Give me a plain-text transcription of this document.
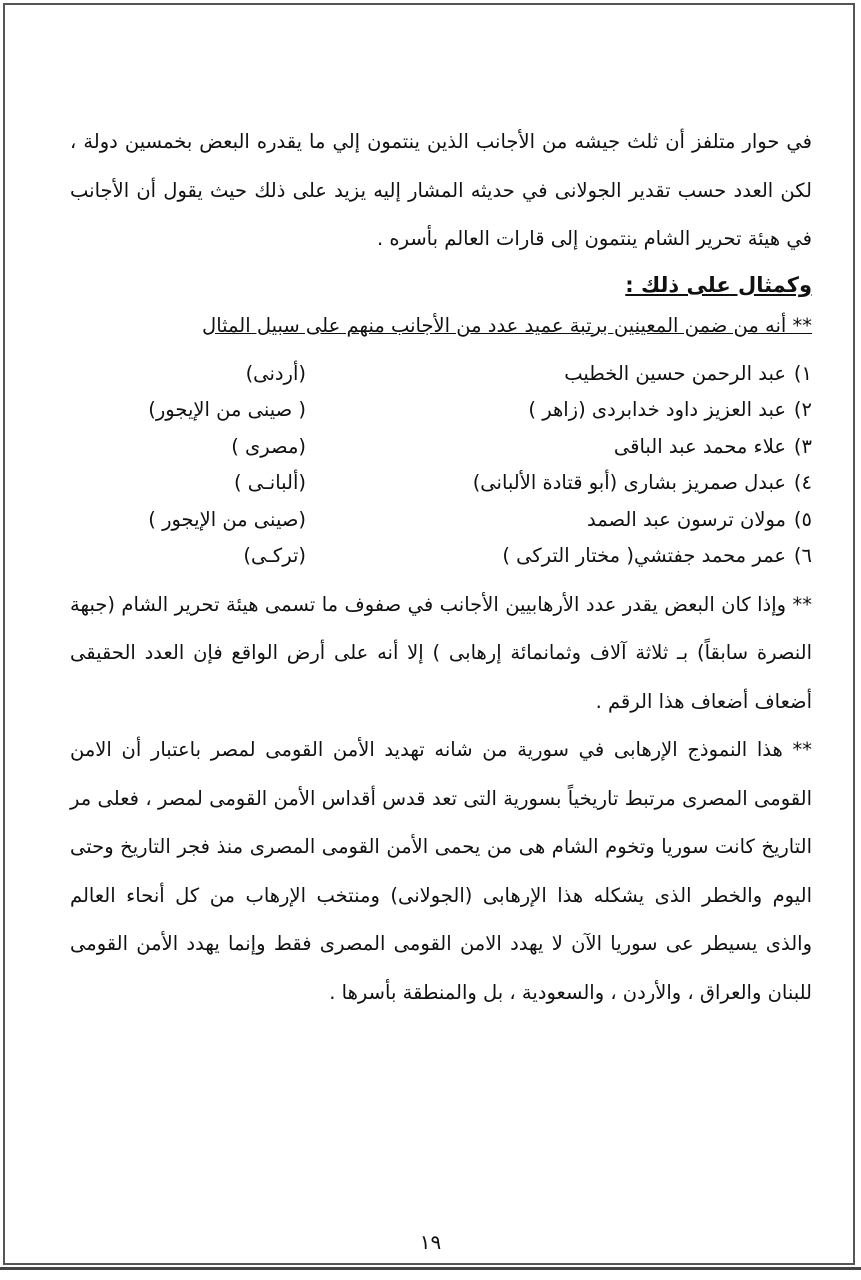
في حوار متلفز أن ثلث جيشه من الأجانب الذين ينتمون إلي ما يقدره البعض بخمسين دولة ، لكن العدد حسب تقدير الجولانى في حديثه المشار إليه يزيد على ذلك حيث يقول أن الأجانب في هيئة تحرير الشام ينتمون إلى قارات العالم بأسره .

وكمثال على ذلك :

** أنه من ضمن المعينين برتبة عميد عدد من الأجانب منهم على سبيل المثال

١)
عبد الرحمن حسين الخطيب
(أردنى)
٢)
عبد العزيز داود خدابردى (زاهر )
( صينى من الإيجور)
٣)
علاء محمد عبد الباقى
(مصرى )
٤)
عبدل صمريز بشارى (أبو قتادة الألبانى)
(ألبانـى )
٥)
مولان ترسون عبد الصمد
(صينى من الإيجور )
٦)
عمر محمد جفتشي( مختار التركى )
(تركـى)

** وإذا كان البعض يقدر عدد الأرهابيين الأجانب في صفوف ما تسمى هيئة تحرير الشام (جبهة النصرة سابقاً) بـ ثلاثة آلاف وثمانمائة إرهابى ) إلا أنه على أرض الواقع فإن العدد الحقيقى أضعاف أضعاف هذا الرقم .

** هذا النموذج الإرهابى في سورية من شانه تهديد الأمن القومى لمصر باعتبار أن الامن القومى المصرى مرتبط تاريخياً بسورية التى تعد قدس أقداس الأمن القومى لمصر ، فعلى مر التاريخ كانت سوريا وتخوم الشام هى من يحمى الأمن القومى المصرى منذ فجر التاريخ وحتى اليوم والخطر الذى يشكله هذا الإرهابى (الجولانى) ومنتخب الإرهاب من كل أنحاء العالم والذى يسيطر عى سوريا الآن لا يهدد الامن القومى المصرى فقط وإنما يهدد الأمن القومى للبنان والعراق ، والأردن ، والسعودية ، بل والمنطقة بأسرها .

١٩
